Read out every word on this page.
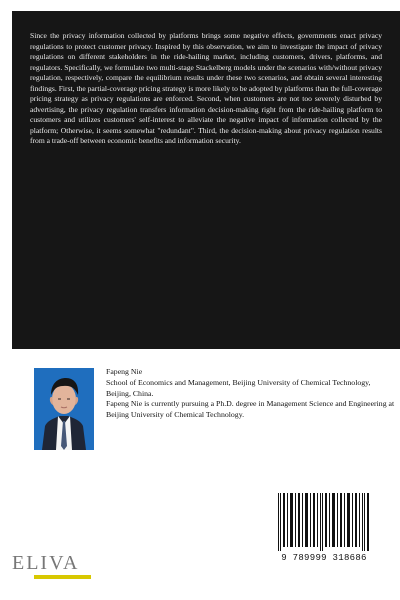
Since the privacy information collected by platforms brings some negative effects, governments enact privacy regulations to protect customer privacy. Inspired by this observation, we aim to investigate the impact of privacy regulations on different stakeholders in the ride-hailing market, including customers, drivers, platforms, and regulators. Specifically, we formulate two multi-stage Stackelberg models under the scenarios with/without privacy regulation, respectively, compare the equilibrium results under these two scenarios, and obtain several interesting findings. First, the partial-coverage pricing strategy is more likely to be adopted by platforms than the full-coverage pricing strategy as privacy regulations are enforced. Second, when customers are not too severely disturbed by advertising, the privacy regulation transfers information decision-making right from the ride-hailing platform to customers and utilizes customers' self-interest to alleviate the negative impact of information collected by the platform; Otherwise, it seems somewhat "redundant". Third, the decision-making about privacy regulation results from a trade-off between economic benefits and information security.

Fapeng Nie
School of Economics and Management, Beijing University of Chemical Technology, Beijing, China.
Fapeng Nie is currently pursuing a Ph.D. degree in Management Science and Engineering at Beijing University of Chemical Technology.
9 789999 318686
ELIVA
